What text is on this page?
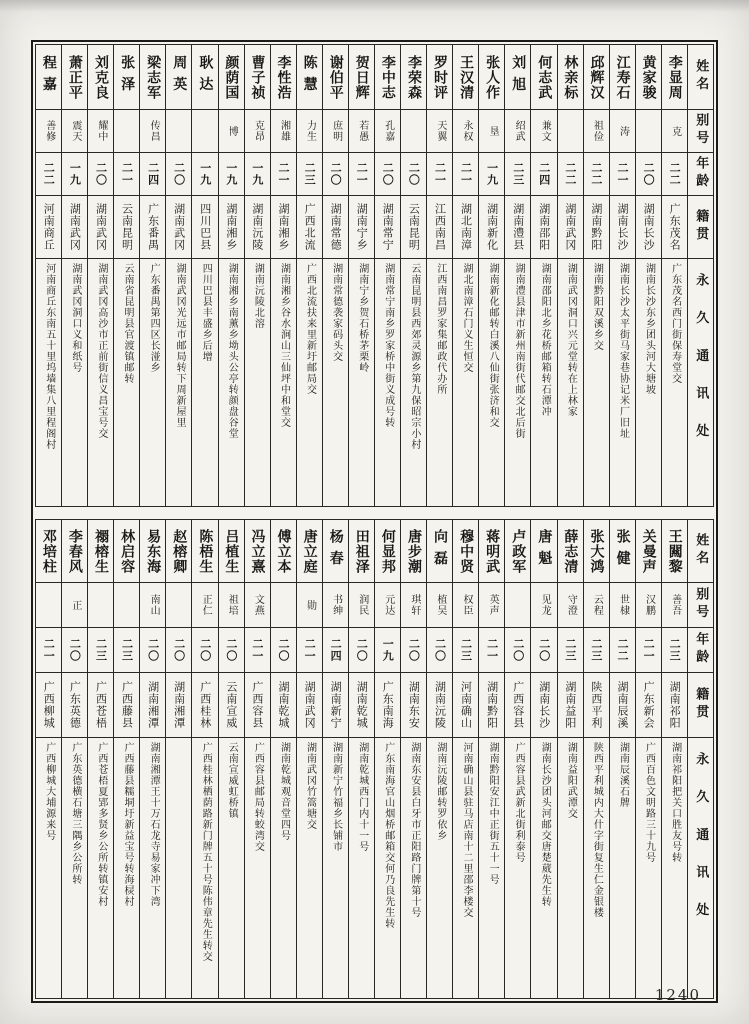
姓名
别号
年龄
籍贯
永久通讯处
李显周
克
二二
广东茂名
广东茂名西门街保寿堂交
黄家骏
二〇
湖南长沙
湖南长沙东乡团头河大塘坡
江寿石
涛
二一
湖南长沙
湖南长沙太平街马家巷协记米厂旧址
邱辉汉
祖俭
二二
湖南黔阳
湖南黔阳双溪乡交
林亲标
二二
湖南武冈
湖南武冈洞口兴元堂转在上林家
何志武
兼文
二四
湖南邵阳
湖南邵阳北乡花桥邮箱转石潭冲
刘旭
绍武
二三
湖南澧县
湖南澧县津市新州南街代邮交北后街
张人作
垦
一九
湖南新化
湖南新化邮转白溪八仙街张济和交
王汉清
永权
二一
湖北南漳
湖北南漳石门义生恒交
罗时评
天翼
二一
江西南昌
江西南昌罗家集邮政代办所
李荣森
二〇
云南昆明
云南昆明县西郊灵源乡第九保昭宗小村
李中志
孔嘉
二〇
湖南常宁
湖南常宁南乡罗家桥中街义成号转
贺日辉
若愚
二一
湖南宁乡
湖南宁乡贺石桥茅栗岭
谢伯平
庶明
二〇
湖南常德
湖南常德袭家码头交
陈慧
力生
二三
广西北流
广西北流扶来里新圩邮局交
李性浩
湘雄
二一
湖南湘乡
湖南湘乡谷水涧山三仙坪中和堂交
曹子祯
克昂
一九
湖南沅陵
湖南沅陵北溶
颜荫国
博
一九
湖南湘乡
湖南湘乡南薰乡坳头公亭转颜盘谷堂
耿达
一九
四川巴县
四川巴县丰盛乡后增
周英
二〇
湖南武冈
湖南武冈光远市邮局转下周新屋里
梁志军
传昌
二四
广东番禺
广东番禺第四区长湴乡
张泽
二一
云南昆明
云南省昆明县官渡镇邮转
刘克良
耀中
二〇
湖南武冈
湖南武冈高沙市正前街信义昌宝号交
萧正平
震天
一九
湖南武冈
湖南武冈洞口义和纸号
程嘉
善修
二二
河南商丘
河南商丘东南五十里坞墙集八里程阁村
姓名
别号
年龄
籍贯
永久通讯处
王闗黎
善吾
二三
湖南祁阳
湖南祁阳把关口胜友号转
关曼声
汉鹏
二一
广东新会
广西百色文明路三十九号
张健
世棣
二二
湖南辰溪
湖南辰溪石牌
张大鸿
云程
二三
陕西平利
陕西平利城内大什字街复生仁金银楼
薛志清
守澄
二三
湖南益阳
湖南益阳武潭交
唐魁
见龙
二〇
湖南长沙
湖南长沙团头河邮交唐楚葳先生转
卢政军
二〇
广西容县
广西容县武新北街利泰号
蒋明武
英声
二一
湖南黔阳
湖南黔阳安江中正街五十一号
穆中贤
权臣
二三
河南确山
河南确山县驻马店南十二里邵李楼交
向磊
植吴
二〇
湖南沅陵
湖南沅陵邮转罗依乡
唐步潮
琪轩
二〇
湖南东安
湖南东安县白牙市正阳路门牌第十号
何显邦
元达
一九
广东南海
广东南海官山烟桥邮箱交何乃良先生转
田祖泽
润民
二〇
湖南乾城
湖南乾城西门内十一号
杨春
书绅
二四
湖南新宁
湖南新宁竹福乡长铺市
唐立庭
勋
二一
湖南武冈
湖南武冈竹篙塘交
傅立本
二〇
湖南乾城
湖南乾城观音堂四号
冯立熹
文燕
二一
广西容县
广西容县邮局转蛟湾交
吕植生
祖培
二〇
云南宣威
云南宣威虹桥镇
陈梧生
正仁
二〇
广西桂林
广西桂林栖荫路新门牌五十号陈伟章先生转交
赵榕卿
二〇
湖南湘潭
易东海
南山
二〇
湖南湘潭
湖南湘潭王十万石龙寺易家冲下湾
林启容
二三
广西藤县
广西藤县糯垌圩新益宝号转海棂村
禤榕生
二三
广西苍梧
广西苍梧夏郢多贤乡公所转镇安村
李春风
正
二〇
广东英德
广东英德横石塘三隅乡公所转
邓培柱
二一
广西柳城
广西柳城大埔源来号
1240
